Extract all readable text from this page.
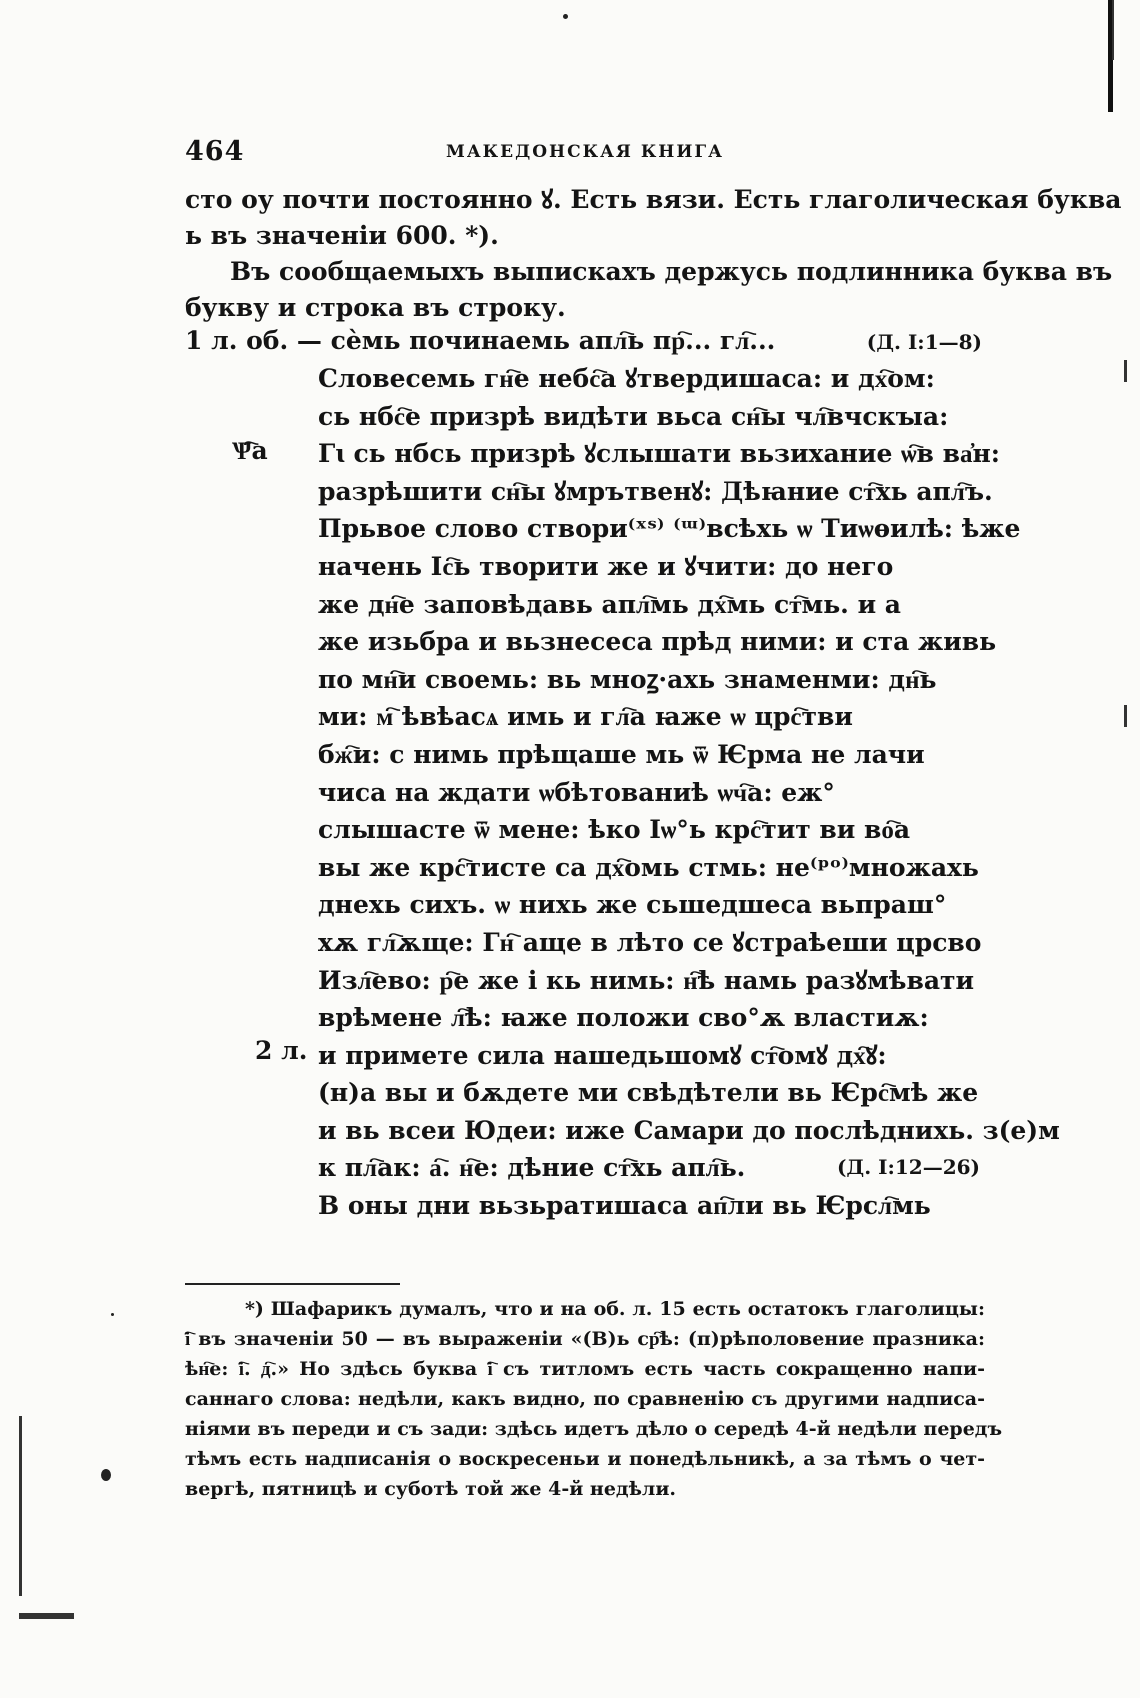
464	МАКЕДОНСКАЯ КНИГА
сто оу почти постоянно ꙋ. Есть вязи. Есть глаголическая буква
ь въ значеніи 600. *).
Въ сообщаемыхъ выпискахъ держусь подлинника буква въ
букву и строка въ строку.
1 л. об. — сѐмь починаемь апл҇ь пр҇... гл҇...	(Д. I:1—8)
Ѱ҇а
2 л.
Словесемь гн҇е небс҇а ꙋтвердишаса: и дх҇ом:
сь нбс҇е призрѣ видѣти вьса сн҇ы чл҇вчскꙑа:
Гꙇ сь нбсь призрѣ ꙋслышати вьзихание ѡ҇в ва҆н:
разрѣшити сн҇ы ꙋмрътвенꙋ: Дѣꙗние ст҇хь апл҇ъ.
Прьвое слово створи⁽ˣˢ⁾ ⁽ᵚ⁾всѣхь ѡ Тиѡѳилѣ: ѣже
начень Іс҇ь творити же и ꙋчити: до него
же дн҇е заповѣдавь апл҇мь дх҇мь ст҇мь. и а
же изьбра и вьзнесеса прѣд ними: и ста живь
по мн҇и своемь: вь мноꙁ·ахь знаменми: дн҇ь
ми: м҇ ѣвѣасѧ имь и гл҇а ꙗже ѡ црс҇тви
бж҇и: с нимь прѣщаше мь ѿ Ѥрма не лачи
чиса на ждати ѡбѣтованиѣ ѡч҇а: еж°
слышасте ѿ мене: ѣко Іѡ°ь крс҇тит ви во҇а
вы же крс҇тисте са дх҇омь стмь: не⁽ᵖᵒ⁾множахь
днехь сихъ. ѡ нихь же сьшедшеса вьпраш°
хѫ гл҇ѫще: Гн҇ аще в лѣто се ꙋстраѣеши црсво
Изл҇ево: р҇е же і кь нимь: н҇ѣ намь разꙋмѣвати
врѣмене л҇ѣ: ꙗже положи сво°ѫ властиѫ:
и примете сила нашедьшомꙋ ст҇омꙋ дх҇ꙋ:
(н)а вы и бѫдете ми свѣдѣтели вь Ѥрс҇мѣ же
и вь всеи Юдеи: иже Самари до послѣднихь. з(е)м
к пл҇ак: а҇. н҇е: дѣние ст҇хь апл҇ь.	(Д. I:12—26)
В оны дни вьзьратишаса ап҇ли вь Ѥрсл҇мь
*) Шафарикъ думалъ, что и на об. л. 15 есть остатокъ глаголицы:
і҇ въ значеніи 50 — въ выраженіи «(В)ь ср҇ѣ: (п)рѣполовение празника:
ѣн҇е: і҇. д҇.» Но здѣсь буква і҇ съ титломъ есть часть сокращенно напи-
саннаго слова: недѣли, какъ видно, по сравненію съ другими надписа-
ніями въ переди и съ зади: здѣсь идетъ дѣло о середѣ 4-й недѣли передъ
тѣмъ есть надписанія о воскресеньи и понедѣльникѣ, а за тѣмъ о чет-
вергѣ, пятницѣ и суботѣ той же 4-й недѣли.
